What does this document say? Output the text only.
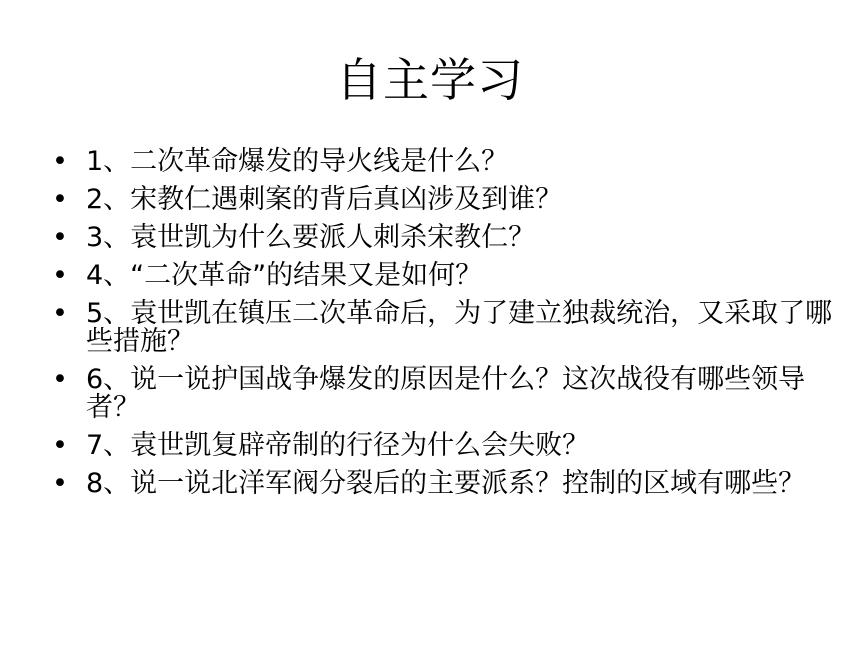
自主学习
• 1、二次革命爆发的导火线是什么？
• 2、宋教仁遇刺案的背后真凶涉及到谁？
• 3、袁世凯为什么要派人刺杀宋教仁？
• 4、“二次革命”的结果又是如何？
• 5、袁世凯在镇压二次革命后，为了建立独裁统治，又采取了哪些措施？
• 6、说一说护国战争爆发的原因是什么？这次战役有哪些领导者？
• 7、袁世凯复辟帝制的行径为什么会失败？
• 8、说一说北洋军阀分裂后的主要派系？控制的区域有哪些？
